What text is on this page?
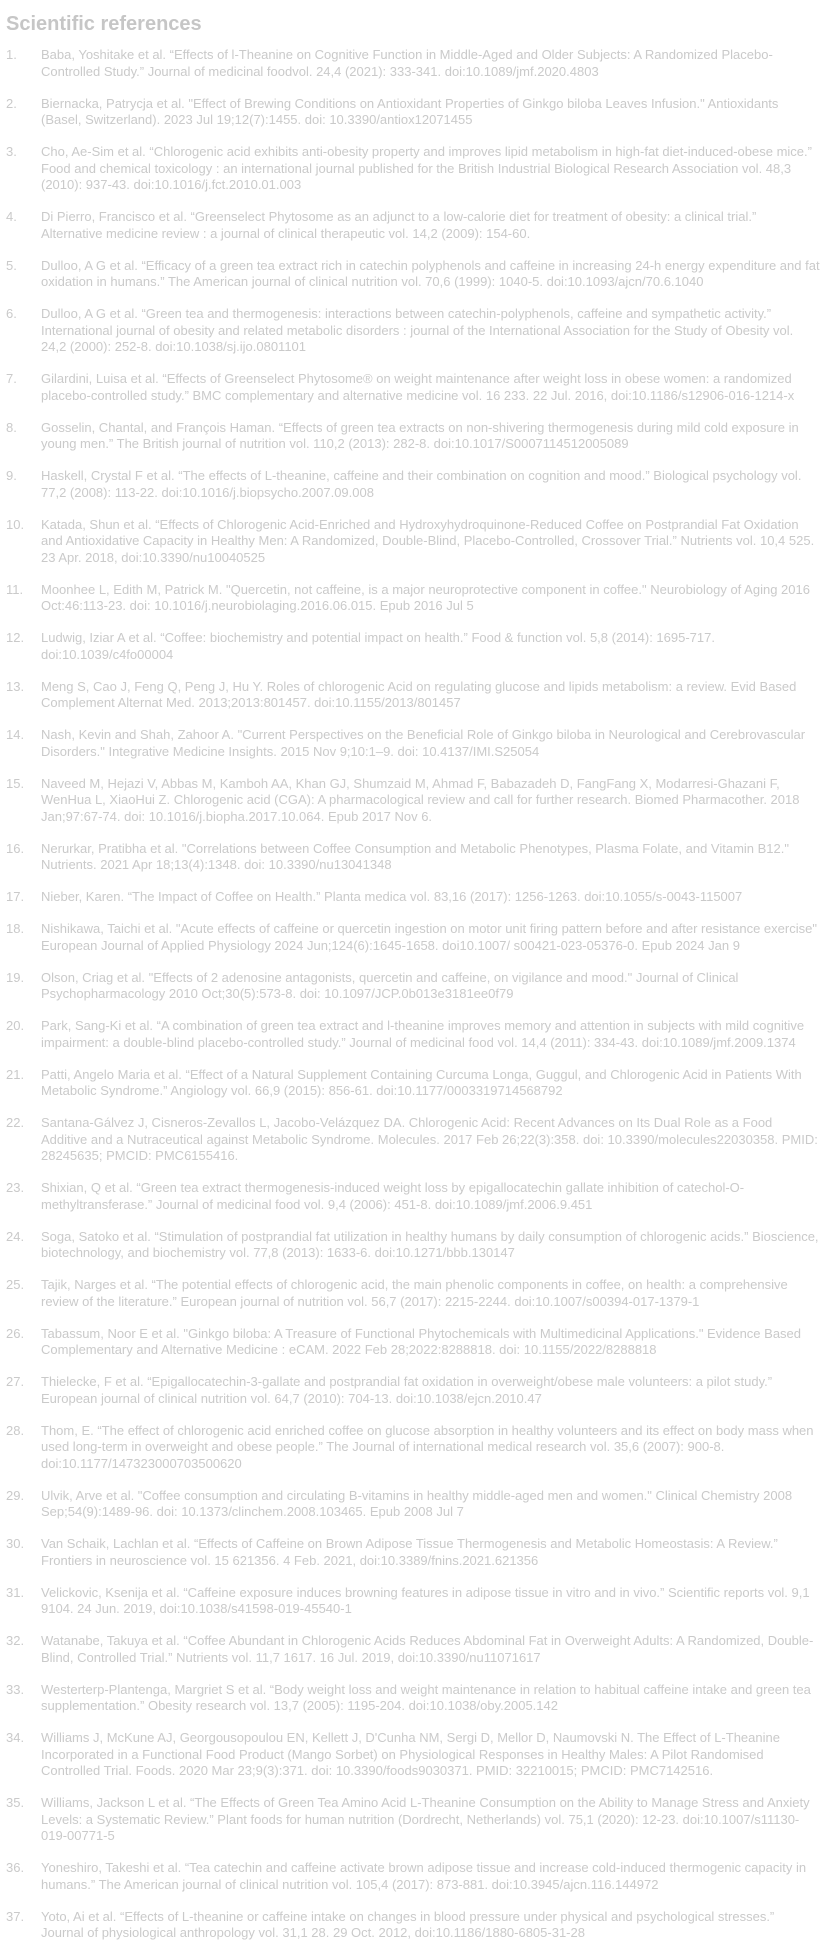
Scientific references
1. Baba, Yoshitake et al. “Effects of l-Theanine on Cognitive Function in Middle-Aged and Older Subjects: A Randomized Placebo-Controlled Study.” Journal of medicinal foodvol. 24,4 (2021): 333-341. doi:10.1089/jmf.2020.4803
2. Biernacka, Patrycja et al. "Effect of Brewing Conditions on Antioxidant Properties of Ginkgo biloba Leaves Infusion." Antioxidants (Basel, Switzerland). 2023 Jul 19;12(7):1455. doi: 10.3390/antiox12071455
3. Cho, Ae-Sim et al. “Chlorogenic acid exhibits anti-obesity property and improves lipid metabolism in high-fat diet-induced-obese mice.” Food and chemical toxicology : an international journal published for the British Industrial Biological Research Association vol. 48,3 (2010): 937-43. doi:10.1016/j.fct.2010.01.003
4. Di Pierro, Francisco et al. “Greenselect Phytosome as an adjunct to a low-calorie diet for treatment of obesity: a clinical trial.” Alternative medicine review : a journal of clinical therapeutic vol. 14,2 (2009): 154-60.
5. Dulloo, A G et al. “Efficacy of a green tea extract rich in catechin polyphenols and caffeine in increasing 24-h energy expenditure and fat oxidation in humans.” The American journal of clinical nutrition vol. 70,6 (1999): 1040-5. doi:10.1093/ajcn/70.6.1040
6. Dulloo, A G et al. “Green tea and thermogenesis: interactions between catechin-polyphenols, caffeine and sympathetic activity.” International journal of obesity and related metabolic disorders : journal of the International Association for the Study of Obesity vol. 24,2 (2000): 252-8. doi:10.1038/sj.ijo.0801101
7. Gilardini, Luisa et al. “Effects of Greenselect Phytosome® on weight maintenance after weight loss in obese women: a randomized placebo-controlled study.” BMC complementary and alternative medicine vol. 16 233. 22 Jul. 2016, doi:10.1186/s12906-016-1214-x
8. Gosselin, Chantal, and François Haman. “Effects of green tea extracts on non-shivering thermogenesis during mild cold exposure in young men.” The British journal of nutrition vol. 110,2 (2013): 282-8. doi:10.1017/S0007114512005089
9. Haskell, Crystal F et al. “The effects of L-theanine, caffeine and their combination on cognition and mood.” Biological psychology vol. 77,2 (2008): 113-22. doi:10.1016/j.biopsycho.2007.09.008
10. Katada, Shun et al. “Effects of Chlorogenic Acid-Enriched and Hydroxyhydroquinone-Reduced Coffee on Postprandial Fat Oxidation and Antioxidative Capacity in Healthy Men: A Randomized, Double-Blind, Placebo-Controlled, Crossover Trial.” Nutrients vol. 10,4 525. 23 Apr. 2018, doi:10.3390/nu10040525
11. Moonhee L, Edith M, Patrick M. "Quercetin, not caffeine, is a major neuroprotective component in coffee." Neurobiology of Aging 2016 Oct:46:113-23. doi: 10.1016/j.neurobiolaging.2016.06.015. Epub 2016 Jul 5
12. Ludwig, Iziar A et al. “Coffee: biochemistry and potential impact on health.” Food & function vol. 5,8 (2014): 1695-717. doi:10.1039/c4fo00004
13. Meng S, Cao J, Feng Q, Peng J, Hu Y. Roles of chlorogenic Acid on regulating glucose and lipids metabolism: a review. Evid Based Complement Alternat Med. 2013;2013:801457. doi:10.1155/2013/801457
14. Nash, Kevin and Shah, Zahoor A. "Current Perspectives on the Beneficial Role of Ginkgo biloba in Neurological and Cerebrovascular Disorders." Integrative Medicine Insights. 2015 Nov 9;10:1–9. doi: 10.4137/IMI.S25054
15. Naveed M, Hejazi V, Abbas M, Kamboh AA, Khan GJ, Shumzaid M, Ahmad F, Babazadeh D, FangFang X, Modarresi-Ghazani F, WenHua L, XiaoHui Z. Chlorogenic acid (CGA): A pharmacological review and call for further research. Biomed Pharmacother. 2018 Jan;97:67-74. doi: 10.1016/j.biopha.2017.10.064. Epub 2017 Nov 6.
16. Nerurkar, Pratibha et al. "Correlations between Coffee Consumption and Metabolic Phenotypes, Plasma Folate, and Vitamin B12." Nutrients. 2021 Apr 18;13(4):1348. doi: 10.3390/nu13041348
17. Nieber, Karen. “The Impact of Coffee on Health.” Planta medica vol. 83,16 (2017): 1256-1263. doi:10.1055/s-0043-115007
18. Nishikawa, Taichi et al. "Acute effects of caffeine or quercetin ingestion on motor unit firing pattern before and after resistance exercise" European Journal of Applied Physiology 2024 Jun;124(6):1645-1658. doi10.1007/ s00421-023-05376-0. Epub 2024 Jan 9
19. Olson, Criag et al. "Effects of 2 adenosine antagonists, quercetin and caffeine, on vigilance and mood." Journal of Clinical Psychopharmacology 2010 Oct;30(5):573-8. doi: 10.1097/JCP.0b013e3181ee0f79
20. Park, Sang-Ki et al. “A combination of green tea extract and l-theanine improves memory and attention in subjects with mild cognitive impairment: a double-blind placebo-controlled study.” Journal of medicinal food vol. 14,4 (2011): 334-43. doi:10.1089/jmf.2009.1374
21. Patti, Angelo Maria et al. “Effect of a Natural Supplement Containing Curcuma Longa, Guggul, and Chlorogenic Acid in Patients With Metabolic Syndrome.” Angiology vol. 66,9 (2015): 856-61. doi:10.1177/0003319714568792
22. Santana-Gálvez J, Cisneros-Zevallos L, Jacobo-Velázquez DA. Chlorogenic Acid: Recent Advances on Its Dual Role as a Food Additive and a Nutraceutical against Metabolic Syndrome. Molecules. 2017 Feb 26;22(3):358. doi: 10.3390/molecules22030358. PMID: 28245635; PMCID: PMC6155416.
23. Shixian, Q et al. “Green tea extract thermogenesis-induced weight loss by epigallocatechin gallate inhibition of catechol-O-methyltransferase.” Journal of medicinal food vol. 9,4 (2006): 451-8. doi:10.1089/jmf.2006.9.451
24. Soga, Satoko et al. “Stimulation of postprandial fat utilization in healthy humans by daily consumption of chlorogenic acids.” Bioscience, biotechnology, and biochemistry vol. 77,8 (2013): 1633-6. doi:10.1271/bbb.130147
25. Tajik, Narges et al. “The potential effects of chlorogenic acid, the main phenolic components in coffee, on health: a comprehensive review of the literature.” European journal of nutrition vol. 56,7 (2017): 2215-2244. doi:10.1007/s00394-017-1379-1
26. Tabassum, Noor E et al. "Ginkgo biloba: A Treasure of Functional Phytochemicals with Multimedicinal Applications." Evidence Based Complementary and Alternative Medicine : eCAM. 2022 Feb 28;2022:8288818. doi: 10.1155/2022/8288818
27. Thielecke, F et al. “Epigallocatechin-3-gallate and postprandial fat oxidation in overweight/obese male volunteers: a pilot study.” European journal of clinical nutrition vol. 64,7 (2010): 704-13. doi:10.1038/ejcn.2010.47
28. Thom, E. “The effect of chlorogenic acid enriched coffee on glucose absorption in healthy volunteers and its effect on body mass when used long-term in overweight and obese people.” The Journal of international medical research vol. 35,6 (2007): 900-8. doi:10.1177/147323000703500620
29. Ulvik, Arve et al. "Coffee consumption and circulating B-vitamins in healthy middle-aged men and women." Clinical Chemistry 2008 Sep;54(9):1489-96. doi: 10.1373/clinchem.2008.103465. Epub 2008 Jul 7
30. Van Schaik, Lachlan et al. “Effects of Caffeine on Brown Adipose Tissue Thermogenesis and Metabolic Homeostasis: A Review.” Frontiers in neuroscience vol. 15 621356. 4 Feb. 2021, doi:10.3389/fnins.2021.621356
31. Velickovic, Ksenija et al. “Caffeine exposure induces browning features in adipose tissue in vitro and in vivo.” Scientific reports vol. 9,1 9104. 24 Jun. 2019, doi:10.1038/s41598-019-45540-1
32. Watanabe, Takuya et al. “Coffee Abundant in Chlorogenic Acids Reduces Abdominal Fat in Overweight Adults: A Randomized, Double-Blind, Controlled Trial.” Nutrients vol. 11,7 1617. 16 Jul. 2019, doi:10.3390/nu11071617
33. Westerterp-Plantenga, Margriet S et al. “Body weight loss and weight maintenance in relation to habitual caffeine intake and green tea supplementation.” Obesity research vol. 13,7 (2005): 1195-204. doi:10.1038/oby.2005.142
34. Williams J, McKune AJ, Georgousopoulou EN, Kellett J, D'Cunha NM, Sergi D, Mellor D, Naumovski N. The Effect of L-Theanine Incorporated in a Functional Food Product (Mango Sorbet) on Physiological Responses in Healthy Males: A Pilot Randomised Controlled Trial. Foods. 2020 Mar 23;9(3):371. doi: 10.3390/foods9030371. PMID: 32210015; PMCID: PMC7142516.
35. Williams, Jackson L et al. “The Effects of Green Tea Amino Acid L-Theanine Consumption on the Ability to Manage Stress and Anxiety Levels: a Systematic Review.” Plant foods for human nutrition (Dordrecht, Netherlands) vol. 75,1 (2020): 12-23. doi:10.1007/s11130-019-00771-5
36. Yoneshiro, Takeshi et al. “Tea catechin and caffeine activate brown adipose tissue and increase cold-induced thermogenic capacity in humans.” The American journal of clinical nutrition vol. 105,4 (2017): 873-881. doi:10.3945/ajcn.116.144972
37. Yoto, Ai et al. “Effects of L-theanine or caffeine intake on changes in blood pressure under physical and psychological stresses.” Journal of physiological anthropology vol. 31,1 28. 29 Oct. 2012, doi:10.1186/1880-6805-31-28
